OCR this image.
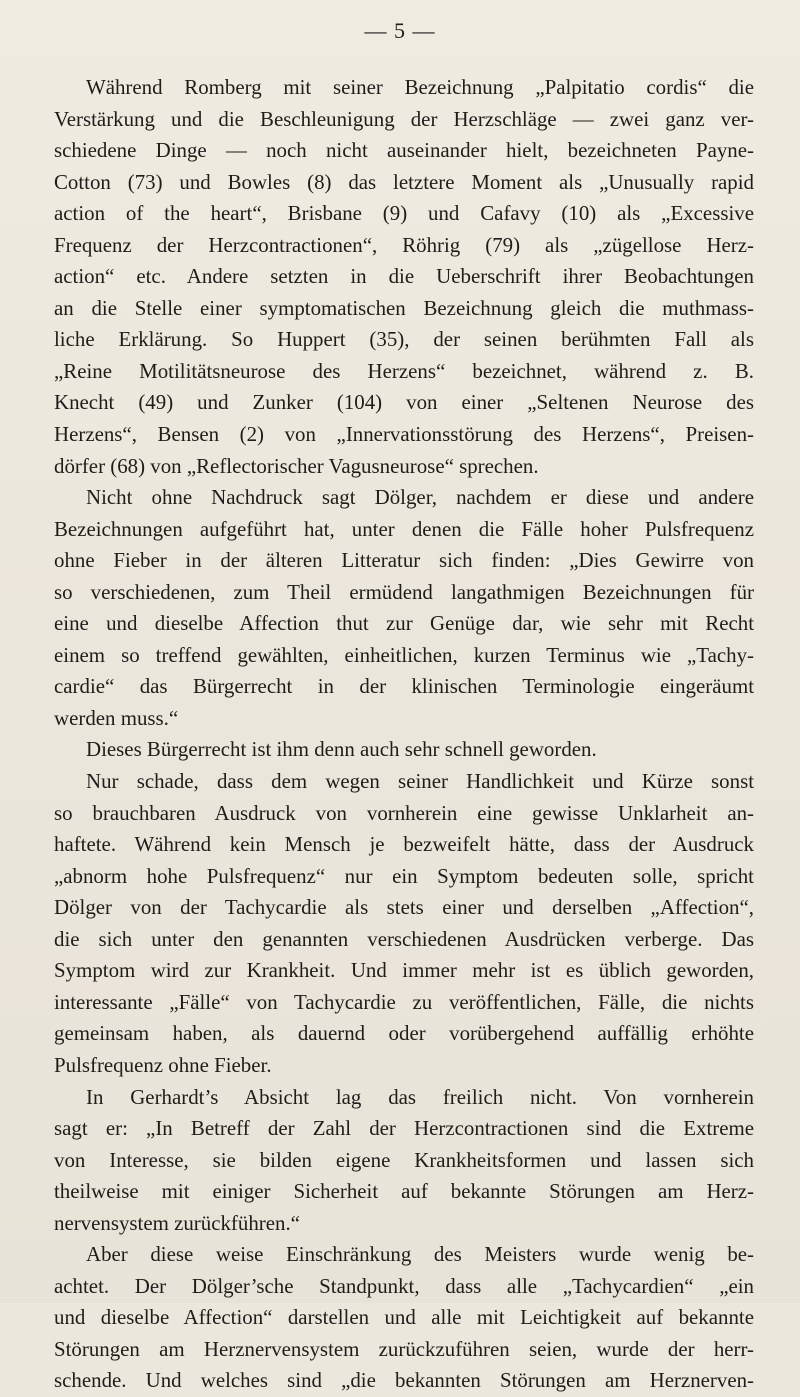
— 5 —
Während Romberg mit seiner Bezeichnung „Palpitatio cordis“ die
Verstärkung und die Beschleunigung der Herzschläge — zwei ganz ver-
schiedene Dinge — noch nicht auseinander hielt, bezeichneten Payne-
Cotton (73) und Bowles (8) das letztere Moment als „Unusually rapid
action of the heart“, Brisbane (9) und Cafavy (10) als „Excessive
Frequenz der Herzcontractionen“, Röhrig (79) als „zügellose Herz-
action“ etc. Andere setzten in die Ueberschrift ihrer Beobachtungen
an die Stelle einer symptomatischen Bezeichnung gleich die muthmass-
liche Erklärung. So Huppert (35), der seinen berühmten Fall als
„Reine Motilitätsneurose des Herzens“ bezeichnet, während z. B.
Knecht (49) und Zunker (104) von einer „Seltenen Neurose des
Herzens“, Bensen (2) von „Innervationsstörung des Herzens“, Preisen-
dörfer (68) von „Reflectorischer Vagusneurose“ sprechen.
Nicht ohne Nachdruck sagt Dölger, nachdem er diese und andere
Bezeichnungen aufgeführt hat, unter denen die Fälle hoher Pulsfrequenz
ohne Fieber in der älteren Litteratur sich finden: „Dies Gewirre von
so verschiedenen, zum Theil ermüdend langathmigen Bezeichnungen für
eine und dieselbe Affection thut zur Genüge dar, wie sehr mit Recht
einem so treffend gewählten, einheitlichen, kurzen Terminus wie „Tachy-
cardie“ das Bürgerrecht in der klinischen Terminologie eingeräumt
werden muss.“
Dieses Bürgerrecht ist ihm denn auch sehr schnell geworden.
Nur schade, dass dem wegen seiner Handlichkeit und Kürze sonst
so brauchbaren Ausdruck von vornherein eine gewisse Unklarheit an-
haftete. Während kein Mensch je bezweifelt hätte, dass der Ausdruck
„abnorm hohe Pulsfrequenz“ nur ein Symptom bedeuten solle, spricht
Dölger von der Tachycardie als stets einer und derselben „Affection“,
die sich unter den genannten verschiedenen Ausdrücken verberge. Das
Symptom wird zur Krankheit. Und immer mehr ist es üblich geworden,
interessante „Fälle“ von Tachycardie zu veröffentlichen, Fälle, die nichts
gemeinsam haben, als dauernd oder vorübergehend auffällig erhöhte
Pulsfrequenz ohne Fieber.
In Gerhardt’s Absicht lag das freilich nicht. Von vornherein
sagt er: „In Betreff der Zahl der Herzcontractionen sind die Extreme
von Interesse, sie bilden eigene Krankheitsformen und lassen sich
theilweise mit einiger Sicherheit auf bekannte Störungen am Herz-
nervensystem zurückführen.“
Aber diese weise Einschränkung des Meisters wurde wenig be-
achtet. Der Dölger’sche Standpunkt, dass alle „Tachycardien“ „ein
und dieselbe Affection“ darstellen und alle mit Leichtigkeit auf bekannte
Störungen am Herznervensystem zurückzuführen seien, wurde der herr-
schende. Und welches sind „die bekannten Störungen am Herznerven-
